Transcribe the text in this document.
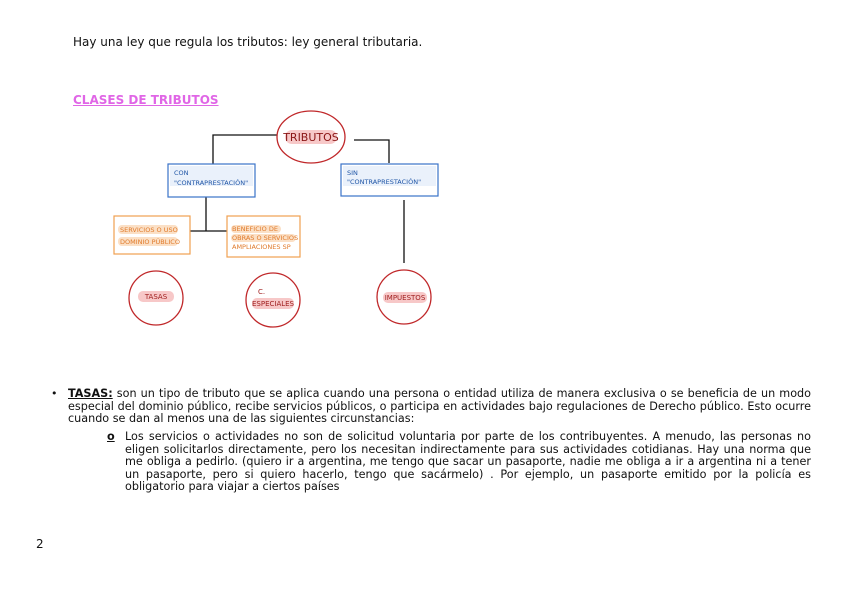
Hay una ley que regula los tributos: ley general tributaria.
CLASES DE TRIBUTOS
TRIBUTOS
CON
"CONTRAPRESTACIÓN"
SIN
"CONTRAPRESTACIÓN"
SERVICIOS O USO
DOMINIO PÚBLICO
BENEFICIO DE
OBRAS O SERVICIOS
AMPLIACIONES SP
TASAS
C.
ESPECIALES
IMPUESTOS
• TASAS: son un tipo de tributo que se aplica cuando una persona o entidad utiliza de manera exclusiva o se beneficia de un modo especial del dominio público, recibe servicios públicos, o participa en actividades bajo regulaciones de Derecho público. Esto ocurre cuando se dan al menos una de las siguientes circunstancias:
o Los servicios o actividades no son de solicitud voluntaria por parte de los contribuyentes. A menudo, las personas no eligen solicitarlos directamente, pero los necesitan indirectamente para sus actividades cotidianas. Hay una norma que me obliga a pedirlo. (quiero ir a argentina, me tengo que sacar un pasaporte, nadie me obliga a ir a argentina ni a tener un pasaporte, pero si quiero hacerlo, tengo que sacármelo) . Por ejemplo, un pasaporte emitido por la policía es obligatorio para viajar a ciertos países
2
